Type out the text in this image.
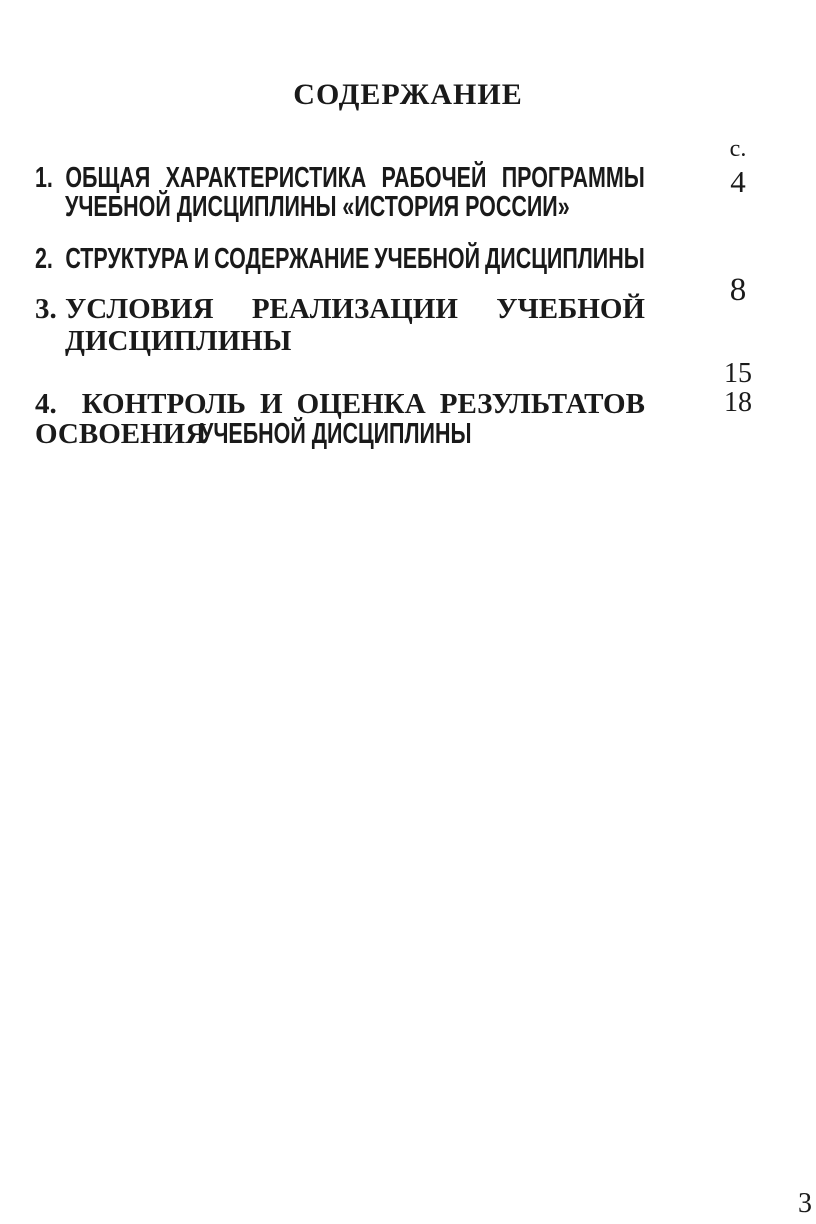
СОДЕРЖАНИЕ
с.
4
8
15
18
1. ОБЩАЯ ХАРАКТЕРИСТИКА РАБОЧЕЙ ПРОГРАММЫ
УЧЕБНОЙ ДИСЦИПЛИНЫ «ИСТОРИЯ РОССИИ»
2. СТРУКТУРА И СОДЕРЖАНИЕ УЧЕБНОЙ ДИСЦИПЛИНЫ
3. УСЛОВИЯ РЕАЛИЗАЦИИ УЧЕБНОЙ
ДИСЦИПЛИНЫ
4. КОНТРОЛЬ И ОЦЕНКА РЕЗУЛЬТАТОВ
ОСВОЕНИЯ
УЧЕБНОЙ ДИСЦИПЛИНЫ
3
